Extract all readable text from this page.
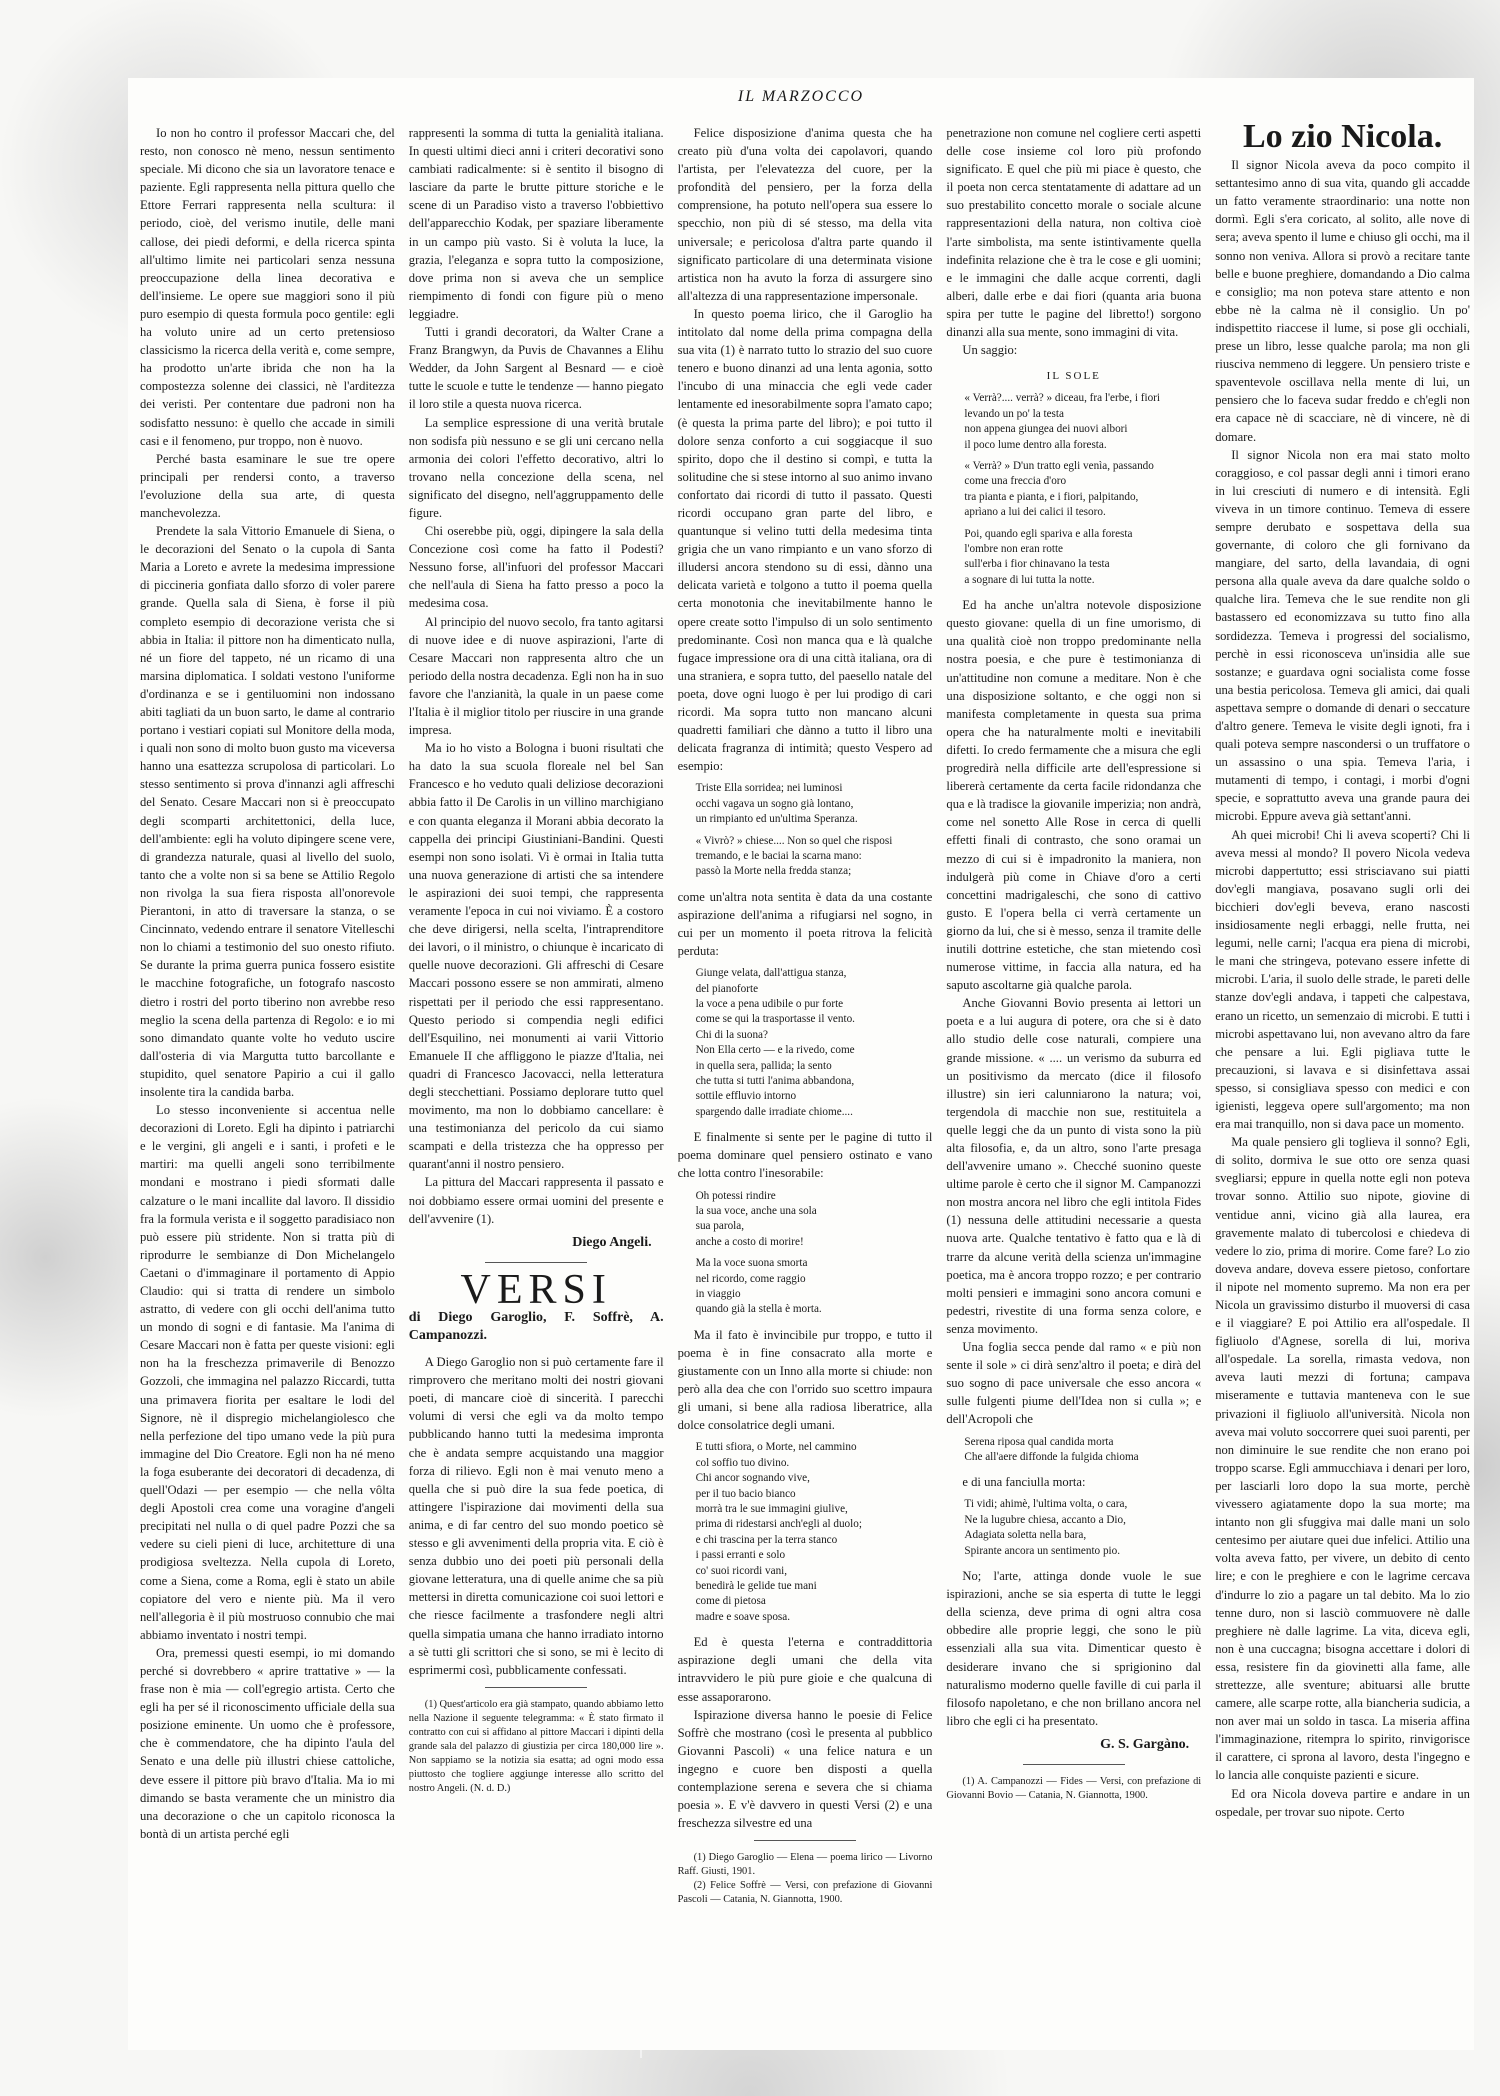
IL MARZOCCO

Io non ho contro il professor Maccari che, del resto, non conosco nè meno, nessun sentimento speciale. Mi dicono che sia un lavoratore tenace e paziente. Egli rappresenta nella pittura quello che Ettore Ferrari rappresenta nella scultura: il periodo, cioè, del verismo inutile, delle mani callose, dei piedi deformi, e della ricerca spinta all'ultimo limite nei particolari senza nessuna preoccupazione della linea decorativa e dell'insieme. Le opere sue maggiori sono il più puro esempio di questa formula poco gentile: egli ha voluto unire ad un certo pretensioso classicismo la ricerca della verità e, come sempre, ha prodotto un'arte ibrida che non ha la compostezza solenne dei classici, nè l'arditezza dei veristi. Per contentare due padroni non ha sodisfatto nessuno: è quello che accade in simili casi e il fenomeno, pur troppo, non è nuovo.

Perché basta esaminare le sue tre opere principali per rendersi conto, a traverso l'evoluzione della sua arte, di questa manchevolezza.

Prendete la sala Vittorio Emanuele di Siena, o le decorazioni del Senato o la cupola di Santa Maria a Loreto e avrete la medesima impressione di piccineria gonfiata dallo sforzo di voler parere grande. Quella sala di Siena, è forse il più completo esempio di decorazione verista che si abbia in Italia: il pittore non ha dimenticato nulla, né un fiore del tappeto, né un ricamo di una marsina diplomatica. I soldati vestono l'uniforme d'ordinanza e se i gentiluomini non indossano abiti tagliati da un buon sarto, le dame al contrario portano i vestiari copiati sul Monitore della moda, i quali non sono di molto buon gusto ma viceversa hanno una esattezza scrupolosa di particolari. Lo stesso sentimento si prova d'innanzi agli affreschi del Senato. Cesare Maccari non si è preoccupato degli scomparti architettonici, della luce, dell'ambiente: egli ha voluto dipingere scene vere, di grandezza naturale, quasi al livello del suolo, tanto che a volte non si sa bene se Attilio Regolo non rivolga la sua fiera risposta all'onorevole Pierantoni, in atto di traversare la stanza, o se Cincinnato, vedendo entrare il senatore Vitelleschi non lo chiami a testimonio del suo onesto rifiuto. Se durante la prima guerra punica fossero esistite le macchine fotografiche, un fotografo nascosto dietro i rostri del porto tiberino non avrebbe reso meglio la scena della partenza di Regolo: e io mi sono dimandato quante volte ho veduto uscire dall'osteria di via Margutta tutto barcollante e stupidito, quel senatore Papirio a cui il gallo insolente tira la candida barba.

Lo stesso inconveniente si accentua nelle decorazioni di Loreto. Egli ha dipinto i patriarchi e le vergini, gli angeli e i santi, i profeti e le martiri: ma quelli angeli sono terribilmente mondani e mostrano i piedi sformati dalle calzature o le mani incallite dal lavoro. Il dissidio fra la formula verista e il soggetto paradisiaco non può essere più stridente. Non si tratta più di riprodurre le sembianze di Don Michelangelo Caetani o d'immaginare il portamento di Appio Claudio: qui si tratta di rendere un simbolo astratto, di vedere con gli occhi dell'anima tutto un mondo di sogni e di fantasie. Ma l'anima di Cesare Maccari non è fatta per queste visioni: egli non ha la freschezza primaverile di Benozzo Gozzoli, che immagina nel palazzo Riccardi, tutta una primavera fiorita per esaltare le lodi del Signore, nè il dispregio michelangiolesco che nella perfezione del tipo umano vede la più pura immagine del Dio Creatore. Egli non ha né meno la foga esuberante dei decoratori di decadenza, di quell'Odazi — per esempio — che nella vôlta degli Apostoli crea come una voragine d'angeli precipitati nel nulla o di quel padre Pozzi che sa vedere su cieli pieni di luce, architetture di una prodigiosa sveltezza. Nella cupola di Loreto, come a Siena, come a Roma, egli è stato un abile copiatore del vero e niente più. Ma il vero nell'allegoria è il più mostruoso connubio che mai abbiamo inventato i nostri tempi.

Ora, premessi questi esempi, io mi domando perché si dovrebbero « aprire trattative » — la frase non è mia — coll'egregio artista. Certo che egli ha per sé il riconoscimento ufficiale della sua posizione eminente. Un uomo che è professore, che è commendatore, che ha dipinto l'aula del Senato e una delle più illustri chiese cattoliche, deve essere il pittore più bravo d'Italia. Ma io mi dimando se basta veramente che un ministro dia una decorazione o che un capitolo riconosca la bontà di un artista perché egli

rappresenti la somma di tutta la genialità italiana. In questi ultimi dieci anni i criteri decorativi sono cambiati radicalmente: si è sentito il bisogno di lasciare da parte le brutte pitture storiche e le scene di un Paradiso visto a traverso l'obbiettivo dell'apparecchio Kodak, per spaziare liberamente in un campo più vasto. Si è voluta la luce, la grazia, l'eleganza e sopra tutto la composizione, dove prima non si aveva che un semplice riempimento di fondi con figure più o meno leggiadre.

Tutti i grandi decoratori, da Walter Crane a Franz Brangwyn, da Puvis de Chavannes a Elihu Wedder, da John Sargent al Besnard — e cioè tutte le scuole e tutte le tendenze — hanno piegato il loro stile a questa nuova ricerca.

La semplice espressione di una verità brutale non sodisfa più nessuno e se gli uni cercano nella armonia dei colori l'effetto decorativo, altri lo trovano nella concezione della scena, nel significato del disegno, nell'aggruppamento delle figure.

Chi oserebbe più, oggi, dipingere la sala della Concezione così come ha fatto il Podesti? Nessuno forse, all'infuori del professor Maccari che nell'aula di Siena ha fatto presso a poco la medesima cosa.

Al principio del nuovo secolo, fra tanto agitarsi di nuove idee e di nuove aspirazioni, l'arte di Cesare Maccari non rappresenta altro che un periodo della nostra decadenza. Egli non ha in suo favore che l'anzianità, la quale in un paese come l'Italia è il miglior titolo per riuscire in una grande impresa.

Ma io ho visto a Bologna i buoni risultati che ha dato la sua scuola floreale nel bel San Francesco e ho veduto quali deliziose decorazioni abbia fatto il De Carolis in un villino marchigiano e con quanta eleganza il Morani abbia decorato la cappella dei principi Giustiniani-Bandini. Questi esempi non sono isolati. Vi è ormai in Italia tutta una nuova generazione di artisti che sa intendere le aspirazioni dei suoi tempi, che rappresenta veramente l'epoca in cui noi viviamo. È a costoro che deve dirigersi, nella scelta, l'intraprenditore dei lavori, o il ministro, o chiunque è incaricato di quelle nuove decorazioni. Gli affreschi di Cesare Maccari possono essere se non ammirati, almeno rispettati per il periodo che essi rappresentano. Questo periodo si compendia negli edifici dell'Esquilino, nei monumenti ai varii Vittorio Emanuele II che affliggono le piazze d'Italia, nei quadri di Francesco Jacovacci, nella letteratura degli stecchettiani. Possiamo deplorare tutto quel movimento, ma non lo dobbiamo cancellare: è una testimonianza del pericolo da cui siamo scampati e della tristezza che ha oppresso per quarant'anni il nostro pensiero.

La pittura del Maccari rappresenta il passato e noi dobbiamo essere ormai uomini del presente e dell'avvenire (1).

Diego Angeli.
VERSI
di Diego Garoglio, F. Soffrè, A. Campanozzi.

A Diego Garoglio non si può certamente fare il rimprovero che meritano molti dei nostri giovani poeti, di mancare cioè di sincerità. I parecchi volumi di versi che egli va da molto tempo pubblicando hanno tutti la medesima impronta che è andata sempre acquistando una maggior forza di rilievo. Egli non è mai venuto meno a quella che si può dire la sua fede poetica, di attingere l'ispirazione dai movimenti della sua anima, e di far centro del suo mondo poetico sè stesso e gli avvenimenti della propria vita. E ciò è senza dubbio uno dei poeti più personali della giovane letteratura, una di quelle anime che sa più mettersi in diretta comunicazione coi suoi lettori e che riesce facilmente a trasfondere negli altri quella simpatia umana che hanno irradiato intorno a sè tutti gli scrittori che si sono, se mi è lecito di esprimermi così, pubblicamente confessati.

(1) Quest'articolo era già stampato, quando abbiamo letto nella Nazione il seguente telegramma: « È stato firmato il contratto con cui si affidano al pittore Maccari i dipinti della grande sala del palazzo di giustizia per circa 180,000 lire ». Non sappiamo se la notizia sia esatta; ad ogni modo essa piuttosto che togliere aggiunge interesse allo scritto del nostro Angeli. (N. d. D.)

Felice disposizione d'anima questa che ha creato più d'una volta dei capolavori, quando l'artista, per l'elevatezza del cuore, per la profondità del pensiero, per la forza della comprensione, ha potuto nell'opera sua essere lo specchio, non più di sé stesso, ma della vita universale; e pericolosa d'altra parte quando il significato particolare di una determinata visione artistica non ha avuto la forza di assurgere sino all'altezza di una rappresentazione impersonale.

In questo poema lirico, che il Garoglio ha intitolato dal nome della prima compagna della sua vita (1) è narrato tutto lo strazio del suo cuore tenero e buono dinanzi ad una lenta agonia, sotto l'incubo di una minaccia che egli vede cader lentamente ed inesorabilmente sopra l'amato capo; (è questa la prima parte del libro); e poi tutto il dolore senza conforto a cui soggiacque il suo spirito, dopo che il destino si compì, e tutta la solitudine che si stese intorno al suo animo invano confortato dai ricordi di tutto il passato. Questi ricordi occupano gran parte del libro, e quantunque si velino tutti della medesima tinta grigia che un vano rimpianto e un vano sforzo di illudersi ancora stendono su di essi, dànno una delicata varietà e tolgono a tutto il poema quella certa monotonia che inevitabilmente hanno le opere create sotto l'impulso di un solo sentimento predominante. Così non manca qua e là qualche fugace impressione ora di una città italiana, ora di una straniera, e sopra tutto, del paesello natale del poeta, dove ogni luogo è per lui prodigo di cari ricordi. Ma sopra tutto non mancano alcuni quadretti familiari che dànno a tutto il libro una delicata fragranza di intimità; questo Vespero ad esempio:

Triste Ella sorridea; nei luminosi
occhi vagava un sogno già lontano,
un rimpianto ed un'ultima Speranza.
« Vivrò? » chiese.... Non so quel che risposi
tremando, e le baciai la scarna mano:
passò la Morte nella fredda stanza;

come un'altra nota sentita è data da una costante aspirazione dell'anima a rifugiarsi nel sogno, in cui per un momento il poeta ritrova la felicità perduta:

Giunge velata, dall'attigua stanza,
del pianoforte
la voce a pena udibile o pur forte
come se qui la trasportasse il vento.
Chi di la suona?
Non Ella certo — e la rivedo, come
in quella sera, pallida; la sento
che tutta si tutti l'anima abbandona,
sottile effluvio intorno
spargendo dalle irradiate chiome....

E finalmente si sente per le pagine di tutto il poema dominare quel pensiero ostinato e vano che lotta contro l'inesorabile:

Oh potessi rindire
la sua voce, anche una sola
sua parola,
anche a costo di morire!
Ma la voce suona smorta
nel ricordo, come raggio
in viaggio
quando già la stella è morta.

Ma il fato è invincibile pur troppo, e tutto il poema è in fine consacrato alla morte e giustamente con un Inno alla morte si chiude: non però alla dea che con l'orrido suo scettro impaura gli umani, si bene alla radiosa liberatrice, alla dolce consolatrice degli umani.

E tutti sfiora, o Morte, nel cammino
col soffio tuo divino.
Chi ancor sognando vive,
per il tuo bacio bianco
morrà tra le sue immagini giulive,
prima di ridestarsi anch'egli al duolo;
e chi trascina per la terra stanco
i passi erranti e solo
co' suoi ricordi vani,
benedirà le gelide tue mani
come di pietosa
madre e soave sposa.

Ed è questa l'eterna e contraddittoria aspirazione degli umani che della vita intravvidero le più pure gioie e che qualcuna di esse assaporarono.

Ispirazione diversa hanno le poesie di Felice Soffrè che mostrano (così le presenta al pubblico Giovanni Pascoli) « una felice natura e un ingegno e cuore ben disposti a quella contemplazione serena e severa che si chiama poesia ». E v'è davvero in questi Versi (2) e una freschezza silvestre ed una

(1) Diego Garoglio — Elena — poema lirico — Livorno Raff. Giusti, 1901.

(2) Felice Soffrè — Versi, con prefazione di Giovanni Pascoli — Catania, N. Giannotta, 1900.

penetrazione non comune nel cogliere certi aspetti delle cose insieme col loro più profondo significato. E quel che più mi piace è questo, che il poeta non cerca stentatamente di adattare ad un suo prestabilito concetto morale o sociale alcune rappresentazioni della natura, non coltiva cioè l'arte simbolista, ma sente istintivamente quella indefinita relazione che è tra le cose e gli uomini; e le immagini che dalle acque correnti, dagli alberi, dalle erbe e dai fiori (quanta aria buona spira per tutte le pagine del libretto!) sorgono dinanzi alla sua mente, sono immagini di vita.

Un saggio:

IL SOLE
« Verrà?.... verrà? » diceau, fra l'erbe, i fiori
levando un po' la testa
non appena giungea dei nuovi albori
il poco lume dentro alla foresta.
« Verrà? » D'un tratto egli venìa, passando
come una freccia d'oro
tra pianta e pianta, e i fiori, palpitando,
aprìano a lui dei calici il tesoro.
Poi, quando egli spariva e alla foresta
l'ombre non eran rotte
sull'erba i fior chinavano la testa
a sognare di lui tutta la notte.

Ed ha anche un'altra notevole disposizione questo giovane: quella di un fine umorismo, di una qualità cioè non troppo predominante nella nostra poesia, e che pure è testimonianza di un'attitudine non comune a meditare. Non è che una disposizione soltanto, e che oggi non si manifesta completamente in questa sua prima opera che ha naturalmente molti e inevitabili difetti. Io credo fermamente che a misura che egli progredirà nella difficile arte dell'espressione si libererà certamente da certa facile ridondanza che qua e là tradisce la giovanile imperizia; non andrà, come nel sonetto Alle Rose in cerca di quelli effetti finali di contrasto, che sono oramai un mezzo di cui si è impadronito la maniera, non indulgerà più come in Chiave d'oro a certi concettini madrigaleschi, che sono di cattivo gusto. E l'opera bella ci verrà certamente un giorno da lui, che si è messo, senza il tramite delle inutili dottrine estetiche, che stan mietendo così numerose vittime, in faccia alla natura, ed ha saputo ascoltarne già qualche parola.

Anche Giovanni Bovio presenta ai lettori un poeta e a lui augura di potere, ora che si è dato allo studio delle cose naturali, compiere una grande missione. « .... un verismo da suburra ed un positivismo da mercato (dice il filosofo illustre) sin ieri calunniarono la natura; voi, tergendola di macchie non sue, restituitela a quelle leggi che da un punto di vista sono la più alta filosofia, e, da un altro, sono l'arte presaga dell'avvenire umano ». Checché suonino queste ultime parole è certo che il signor M. Campanozzi non mostra ancora nel libro che egli intitola Fides (1) nessuna delle attitudini necessarie a questa nuova arte. Qualche tentativo è fatto qua e là di trarre da alcune verità della scienza un'immagine poetica, ma è ancora troppo rozzo; e per contrario molti pensieri e immagini sono ancora comuni e pedestri, rivestite di una forma senza colore, e senza movimento.

Una foglia secca pende dal ramo « e più non sente il sole » ci dirà senz'altro il poeta; e dirà del suo sogno di pace universale che esso ancora « sulle fulgenti piume dell'Idea non si culla »; e dell'Acropoli che

Serena riposa qual candida morta
Che all'aere diffonde la fulgida chioma

e di una fanciulla morta:

Ti vidi; ahimè, l'ultima volta, o cara,
Ne la lugubre chiesa, accanto a Dio,
Adagiata soletta nella bara,
Spirante ancora un sentimento pio.

No; l'arte, attinga donde vuole le sue ispirazioni, anche se sia esperta di tutte le leggi della scienza, deve prima di ogni altra cosa obbedire alle proprie leggi, che sono le più essenziali alla sua vita. Dimenticar questo è desiderare invano che si sprigionino dal naturalismo moderno quelle faville di cui parla il filosofo napoletano, e che non brillano ancora nel libro che egli ci ha presentato.

G. S. Gargàno.

(1) A. Campanozzi — Fides — Versi, con prefazione di Giovanni Bovio — Catania, N. Giannotta, 1900.

Lo zio Nicola.

Il signor Nicola aveva da poco compito il settantesimo anno di sua vita, quando gli accadde un fatto veramente straordinario: una notte non dormì. Egli s'era coricato, al solito, alle nove di sera; aveva spento il lume e chiuso gli occhi, ma il sonno non veniva. Allora si provò a recitare tante belle e buone preghiere, domandando a Dio calma e consiglio; ma non poteva stare attento e non ebbe nè la calma nè il consiglio. Un po' indispettito riaccese il lume, si pose gli occhiali, prese un libro, lesse qualche parola; ma non gli riusciva nemmeno di leggere. Un pensiero triste e spaventevole oscillava nella mente di lui, un pensiero che lo faceva sudar freddo e ch'egli non era capace nè di scacciare, nè di vincere, nè di domare.

Il signor Nicola non era mai stato molto coraggioso, e col passar degli anni i timori erano in lui cresciuti di numero e di intensità. Egli viveva in un timore continuo. Temeva di essere sempre derubato e sospettava della sua governante, di coloro che gli fornivano da mangiare, del sarto, della lavandaia, di ogni persona alla quale aveva da dare qualche soldo o qualche lira. Temeva che le sue rendite non gli bastassero ed economizzava su tutto fino alla sordidezza. Temeva i progressi del socialismo, perchè in essi riconosceva un'insidia alle sue sostanze; e guardava ogni socialista come fosse una bestia pericolosa. Temeva gli amici, dai quali aspettava sempre o domande di denari o seccature d'altro genere. Temeva le visite degli ignoti, fra i quali poteva sempre nascondersi o un truffatore o un assassino o una spia. Temeva l'aria, i mutamenti di tempo, i contagi, i morbi d'ogni specie, e soprattutto aveva una grande paura dei microbi. Eppure aveva già settant'anni.

Ah quei microbi! Chi li aveva scoperti? Chi li aveva messi al mondo? Il povero Nicola vedeva microbi dappertutto; essi strisciavano sui piatti dov'egli mangiava, posavano sugli orli dei bicchieri dov'egli beveva, erano nascosti insidiosamente negli erbaggi, nelle frutta, nei legumi, nelle carni; l'acqua era piena di microbi, le mani che stringeva, potevano essere infette di microbi. L'aria, il suolo delle strade, le pareti delle stanze dov'egli andava, i tappeti che calpestava, erano un ricetto, un semenzaio di microbi. E tutti i microbi aspettavano lui, non avevano altro da fare che pensare a lui. Egli pigliava tutte le precauzioni, si lavava e si disinfettava assai spesso, si consigliava spesso con medici e con igienisti, leggeva opere sull'argomento; ma non era mai tranquillo, non si dava pace un momento.

Ma quale pensiero gli toglieva il sonno? Egli, di solito, dormiva le sue otto ore senza quasi svegliarsi; eppure in quella notte egli non poteva trovar sonno. Attilio suo nipote, giovine di ventidue anni, vicino già alla laurea, era gravemente malato di tubercolosi e chiedeva di vedere lo zio, prima di morire. Come fare? Lo zio doveva andare, doveva essere pietoso, confortare il nipote nel momento supremo. Ma non era per Nicola un gravissimo disturbo il muoversi di casa e il viaggiare? E poi Attilio era all'ospedale. Il figliuolo d'Agnese, sorella di lui, moriva all'ospedale. La sorella, rimasta vedova, non aveva lauti mezzi di fortuna; campava miseramente e tuttavia manteneva con le sue privazioni il figliuolo all'università. Nicola non aveva mai voluto soccorrere quei suoi parenti, per non diminuire le sue rendite che non erano poi troppo scarse. Egli ammucchiava i denari per loro, per lasciarli loro dopo la sua morte, perchè vivessero agiatamente dopo la sua morte; ma intanto non gli sfuggiva mai dalle mani un solo centesimo per aiutare quei due infelici. Attilio una volta aveva fatto, per vivere, un debito di cento lire; e con le preghiere e con le lagrime cercava d'indurre lo zio a pagare un tal debito. Ma lo zio tenne duro, non si lasciò commuovere nè dalle preghiere nè dalle lagrime. La vita, diceva egli, non è una cuccagna; bisogna accettare i dolori di essa, resistere fin da giovinetti alla fame, alle strettezze, alle sventure; abituarsi alle brutte camere, alle scarpe rotte, alla biancheria sudicia, a non aver mai un soldo in tasca. La miseria affina l'immaginazione, ritempra lo spirito, rinvigorisce il carattere, ci sprona al lavoro, desta l'ingegno e lo lancia alle conquiste pazienti e sicure.

Ed ora Nicola doveva partire e andare in un ospedale, per trovar suo nipote. Certo
